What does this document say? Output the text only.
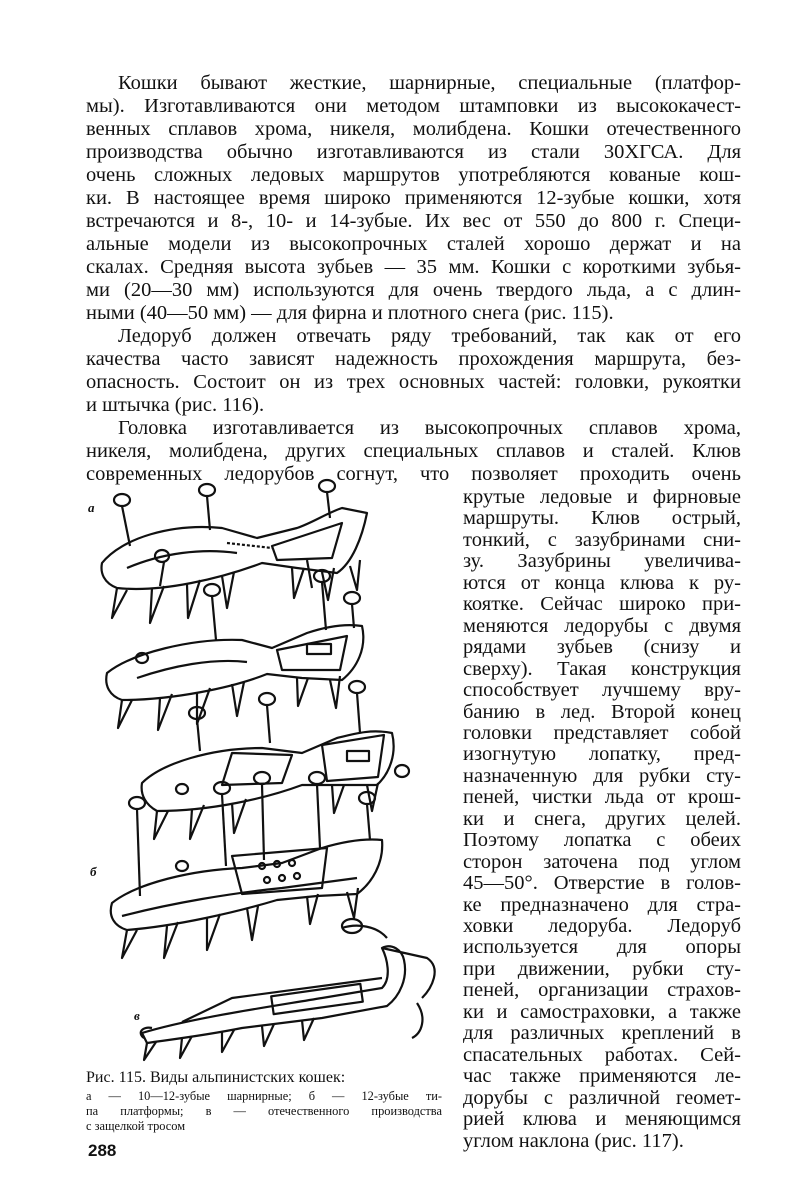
Кошки бывают жесткие, шарнирные, специальные (платфор-
мы). Изготавливаются они методом штамповки из высококачест-
венных сплавов хрома, никеля, молибдена. Кошки отечественного
производства обычно изготавливаются из стали 30ХГСА. Для
очень сложных ледовых маршрутов употребляются кованые кош-
ки. В настоящее время широко применяются 12-зубые кошки, хотя
встречаются и 8-, 10- и 14-зубые. Их вес от 550 до 800 г. Специ-
альные модели из высокопрочных сталей хорошо держат и на
скалах. Средняя высота зубьев — 35 мм. Кошки с короткими зубья-
ми (20—30 мм) используются для очень твердого льда, а с длин-
ными (40—50 мм) — для фирна и плотного снега (рис. 115).
Ледоруб должен отвечать ряду требований, так как от его
качества часто зависят надежность прохождения маршрута, без-
опасность. Состоит он из трех основных частей: головки, рукоятки
и штычка (рис. 116).
Головка изготавливается из высокопрочных сплавов хрома,
никеля, молибдена, других специальных сплавов и сталей. Клюв
современных ледорубов согнут, что позволяет проходить очень
крутые ледовые и фирновые
маршруты. Клюв острый,
тонкий, с зазубринами сни-
зу. Зазубрины увеличива-
ются от конца клюва к ру-
коятке. Сейчас широко при-
меняются ледорубы с двумя
рядами зубьев (снизу и
сверху). Такая конструкция
способствует лучшему вру-
банию в лед. Второй конец
головки представляет собой
изогнутую лопатку, пред-
назначенную для рубки сту-
пеней, чистки льда от крош-
ки и снега, других целей.
Поэтому лопатка с обеих
сторон заточена под углом
45—50°. Отверстие в голов-
ке предназначено для стра-
ховки ледоруба. Ледоруб
используется для опоры
при движении, рубки сту-
пеней, организации страхов-
ки и самостраховки, а также
для различных креплений в
спасательных работах. Сей-
час также применяются ле-
дорубы с различной геомет-
рией клюва и меняющимся
углом наклона (рис. 117).
а
б
в
Рис. 115. Виды альпинистских кошек:
а — 10—12-зубые шарнирные; б — 12-зубые ти-
па платформы; в — отечественного производства
с защелкой тросом
288
